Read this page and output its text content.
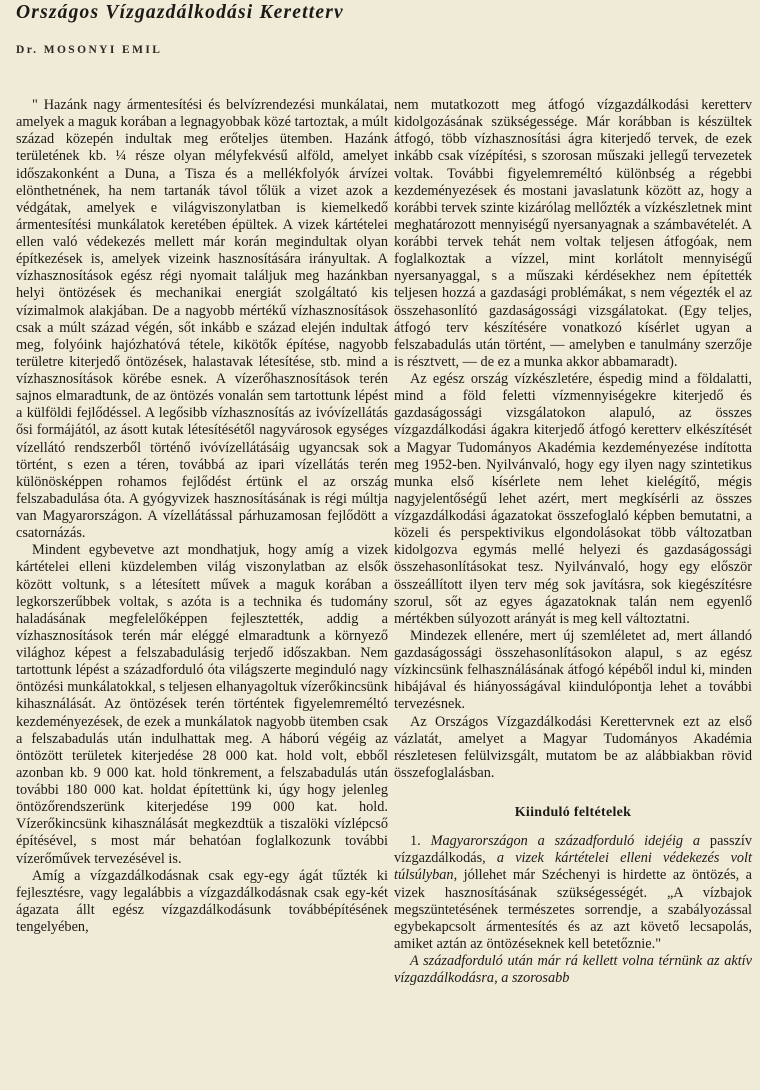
Országos Vízgazdálkodási Keretterv
Dr. MOSONYI EMIL

" Hazánk nagy ármentesítési és belvízrendezési munkálatai, amelyek a maguk korában a legnagyobbak közé tartoztak, a múlt század közepén indultak meg erőteljes ütemben. Hazánk területének kb. ¼ része olyan mélyfekvésű alföld, amelyet időszakonként a Duna, a Tisza és a mellékfolyók árvízei elönthetnének, ha nem tartanák távol tőlük a vizet azok a védgátak, amelyek e világviszonylatban is kiemelkedő ármentesítési munkálatok keretében épültek. A vizek kártételei ellen való védekezés mellett már korán megindultak olyan építkezések is, amelyek vizeink hasznosítására irányultak. A vízhasznosítások egész régi nyomait találjuk meg hazánkban helyi öntözések és mechanikai energiát szolgáltató kis vízimalmok alakjában. De a nagyobb mértékű vízhasznosítások csak a múlt század végén, sőt inkább e század elején indultak meg, folyóink hajózhatóvá tétele, kikötők építése, nagyobb területre kiterjedő öntözések, halastavak létesítése, stb. mind a vízhasznosítások körébe esnek. A vízerőhasznosítások terén sajnos elmaradtunk, de az öntözés vonalán sem tartottunk lépést a külföldi fejlődéssel. A legősibb vízhasznosítás az ivóvízellátás ősi formájától, az ásott kutak létesítésétől nagyvárosok egységes vízellátó rendszerből történő ivóvízellátásáig ugyancsak sok történt, s ezen a téren, továbbá az ipari vízellátás terén különösképpen rohamos fejlődést értünk el az ország felszabadulása óta. A gyógyvizek hasznosításának is régi múltja van Magyarországon. A vízellátással párhuzamosan fejlődött a csatornázás.

Mindent egybevetve azt mondhatjuk, hogy amíg a vizek kártételei elleni küzdelemben világ viszonylatban az elsők között voltunk, s a létesített művek a maguk korában a legkorszerűbbek voltak, s azóta is a technika és tudomány haladásának megfelelőképpen fejlesztették, addig a vízhasznosítások terén már eléggé elmaradtunk a környező világhoz képest a felszabadulásig terjedő időszakban. Nem tartottunk lépést a századforduló óta világszerte meginduló nagy öntözési munkálatokkal, s teljesen elhanyagoltuk vízerőkincsünk kihasználását. Az öntözések terén történtek figyelemreméltó kezdeményezések, de ezek a munkálatok nagyobb ütemben csak a felszabadulás után indulhattak meg. A háború végéig az öntözött területek kiterjedése 28 000 kat. hold volt, ebből azonban kb. 9 000 kat. hold tönkrement, a felszabadulás után további 180 000 kat. holdat építettünk ki, úgy hogy jelenleg öntözőrendszerünk kiterjedése 199 000 kat. hold. Vízerőkincsünk kihasználását megkezdtük a tiszalöki vízlépcső építésével, s most már behatóan foglalkozunk további vízerőművek tervezésével is.

Amíg a vízgazdálkodásnak csak egy-egy ágát tűzték ki fejlesztésre, vagy legalábbis a vízgazdálkodásnak csak egy-két ágazata állt egész vízgazdálkodásunk továbbépítésének tengelyében,

nem mutatkozott meg átfogó vízgazdálkodási keretterv kidolgozásának szükségessége. Már korábban is készültek átfogó, több vízhasznosítási ágra kiterjedő tervek, de ezek inkább csak vízépítési, s szorosan műszaki jellegű tervezetek voltak. További figyelemreméltó különbség a régebbi kezdeményezések és mostani javaslatunk között az, hogy a korábbi tervek szinte kizárólag mellőzték a vízkészletnek mint meghatározott mennyiségű nyersanyagnak a számbavételét. A korábbi tervek tehát nem voltak teljesen átfogóak, nem foglalkoztak a vízzel, mint korlátolt mennyiségű nyersanyaggal, s a műszaki kérdésekhez nem építették teljesen hozzá a gazdasági problémákat, s nem végezték el az összehasonlító gazdaságossági vizsgálatokat. (Egy teljes, átfogó terv készítésére vonatkozó kísérlet ugyan a felszabadulás után történt, — amelyben e tanulmány szerzője is résztvett, — de ez a munka akkor abbamaradt).

Az egész ország vízkészletére, éspedig mind a földalatti, mind a föld feletti vízmennyiségekre kiterjedő és gazdaságossági vizsgálatokon alapuló, az összes vízgazdálkodási ágakra kiterjedő átfogó keretterv elkészítését a Magyar Tudományos Akadémia kezdeményezése indította meg 1952-ben. Nyilvánvaló, hogy egy ilyen nagy szintetikus munka első kísérlete nem lehet kielégítő, mégis nagyjelentőségű lehet azért, mert megkísérli az összes vízgazdálkodási ágazatokat összefoglaló képben bemutatni, a közeli és perspektivikus elgondolásokat több változatban kidolgozva egymás mellé helyezi és gazdaságossági összehasonlításokat tesz. Nyilvánvaló, hogy egy először összeállított ilyen terv még sok javításra, sok kiegészítésre szorul, sőt az egyes ágazatoknak talán nem egyenlő mértékben súlyozott arányát is meg kell változtatni.

Mindezek ellenére, mert új szemléletet ad, mert állandó gazdaságossági összehasonlításokon alapul, s az egész vízkincsünk felhasználásának átfogó képéből indul ki, minden hibájával és hiányosságával kiindulópontja lehet a további tervezésnek.

Az Országos Vízgazdálkodási Kerettervnek ezt az első vázlatát, amelyet a Magyar Tudományos Akadémia részletesen felülvizsgált, mutatom be az alábbiakban rövid összefoglalásban.

Kiinduló feltételek

1. Magyarországon a századforduló idejéig a passzív vízgazdálkodás, a vizek kártételei elleni védekezés volt túlsúlyban, jóllehet már Széchenyi is hirdette az öntözés, a vizek hasznosításának szükségességét. „A vízbajok megszüntetésének természetes sorrendje, a szabályozással egybekapcsolt ármentesítés és az azt követő lecsapolás, amiket aztán az öntözéseknek kell betetőznie."

A századforduló után már rá kellett volna térnünk az aktív vízgazdálkodásra, a szorosabb
